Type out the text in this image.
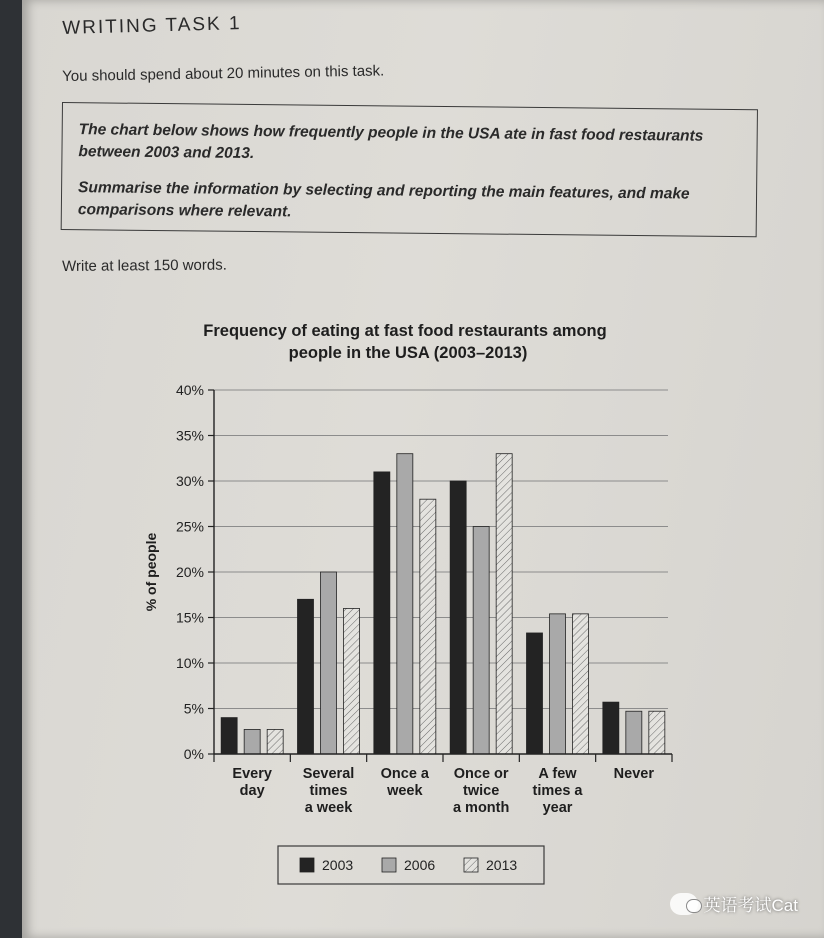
WRITING TASK 1
You should spend about 20 minutes on this task.
The chart below shows how frequently people in the USA ate in fast food restaurants between 2003 and 2013.
Summarise the information by selecting and reporting the main features, and make comparisons where relevant.
Write at least 150 words.
Frequency of eating at fast food restaurants among
people in the USA (2003–2013)
% of people
0%
5%
10%
15%
20%
25%
30%
35%
40%
Every
day
Several
times
a week
Once a
week
Once or
twice
a month
A few
times a
year
Never
2003	2006	2013
英语考试Cat
